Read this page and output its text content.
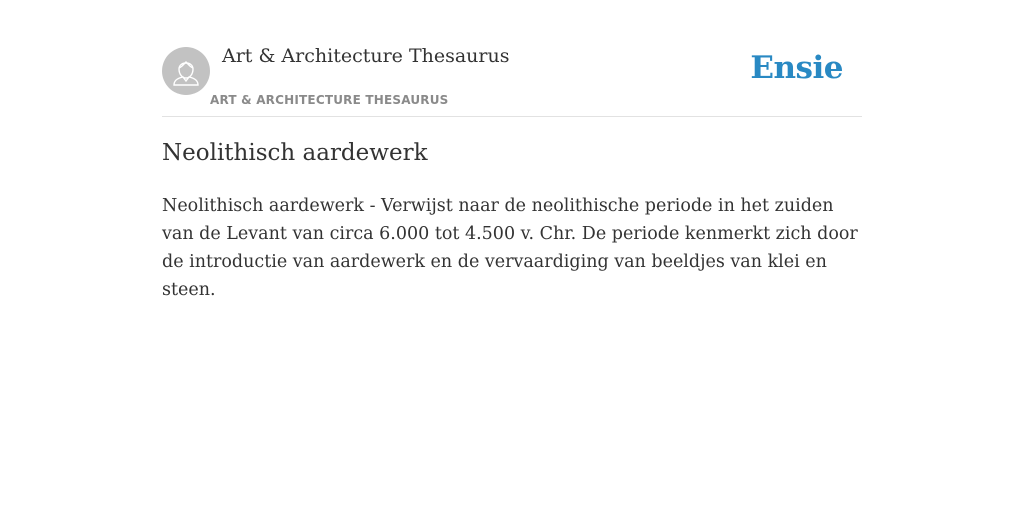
Art & Architecture Thesaurus
ART & ARCHITECTURE THESAURUS
Ensie
Neolithisch aardewerk

Neolithisch aardewerk - Verwijst naar de neolithische periode in het zuiden van de Levant van circa 6.000 tot 4.500 v. Chr. De periode kenmerkt zich door de introductie van aardewerk en de vervaardiging van beeldjes van klei en steen.
